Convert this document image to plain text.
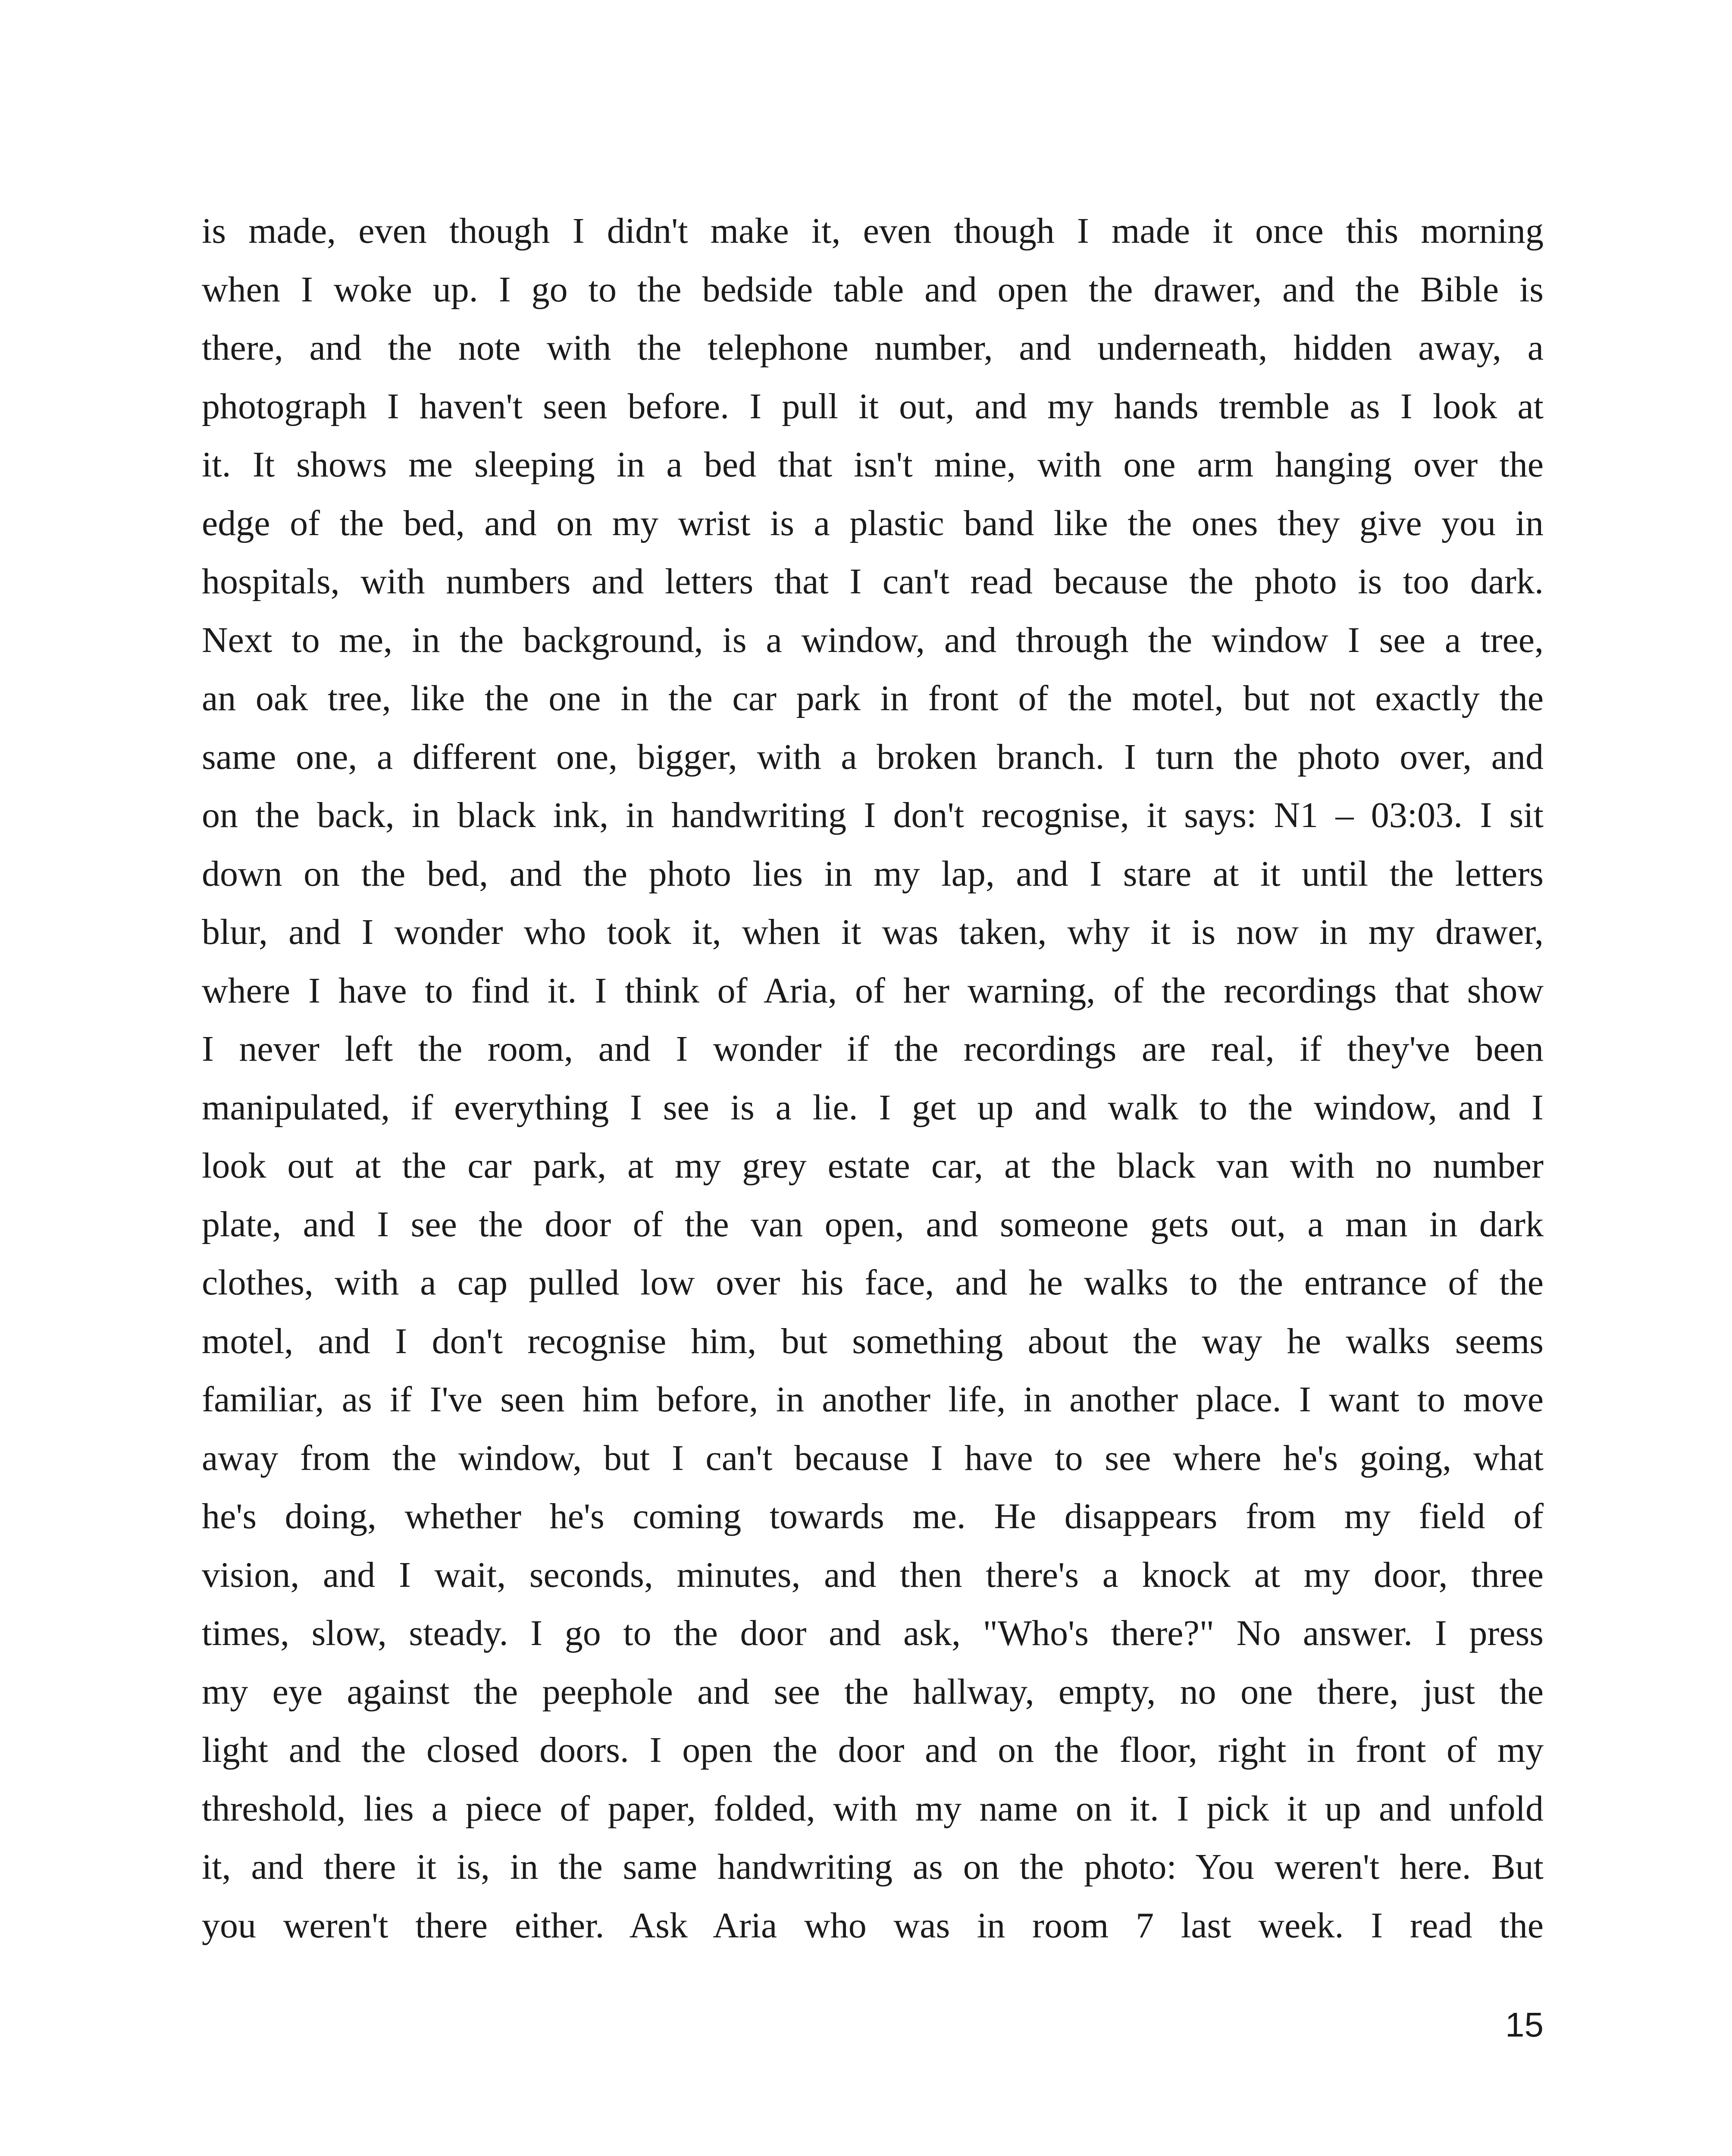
is made, even though I didn't make it, even though I made it once this morning
when I woke up. I go to the bedside table and open the drawer, and the Bible is
there, and the note with the telephone number, and underneath, hidden away, a
photograph I haven't seen before. I pull it out, and my hands tremble as I look at
it. It shows me sleeping in a bed that isn't mine, with one arm hanging over the
edge of the bed, and on my wrist is a plastic band like the ones they give you in
hospitals, with numbers and letters that I can't read because the photo is too dark.
Next to me, in the background, is a window, and through the window I see a tree,
an oak tree, like the one in the car park in front of the motel, but not exactly the
same one, a different one, bigger, with a broken branch. I turn the photo over, and
on the back, in black ink, in handwriting I don't recognise, it says: N1 – 03:03. I sit
down on the bed, and the photo lies in my lap, and I stare at it until the letters
blur, and I wonder who took it, when it was taken, why it is now in my drawer,
where I have to find it. I think of Aria, of her warning, of the recordings that show
I never left the room, and I wonder if the recordings are real, if they've been
manipulated, if everything I see is a lie. I get up and walk to the window, and I
look out at the car park, at my grey estate car, at the black van with no number
plate, and I see the door of the van open, and someone gets out, a man in dark
clothes, with a cap pulled low over his face, and he walks to the entrance of the
motel, and I don't recognise him, but something about the way he walks seems
familiar, as if I've seen him before, in another life, in another place. I want to move
away from the window, but I can't because I have to see where he's going, what
he's doing, whether he's coming towards me. He disappears from my field of
vision, and I wait, seconds, minutes, and then there's a knock at my door, three
times, slow, steady. I go to the door and ask, "Who's there?" No answer. I press
my eye against the peephole and see the hallway, empty, no one there, just the
light and the closed doors. I open the door and on the floor, right in front of my
threshold, lies a piece of paper, folded, with my name on it. I pick it up and unfold
it, and there it is, in the same handwriting as on the photo: You weren't here. But
you weren't there either. Ask Aria who was in room 7 last week. I read the
15
